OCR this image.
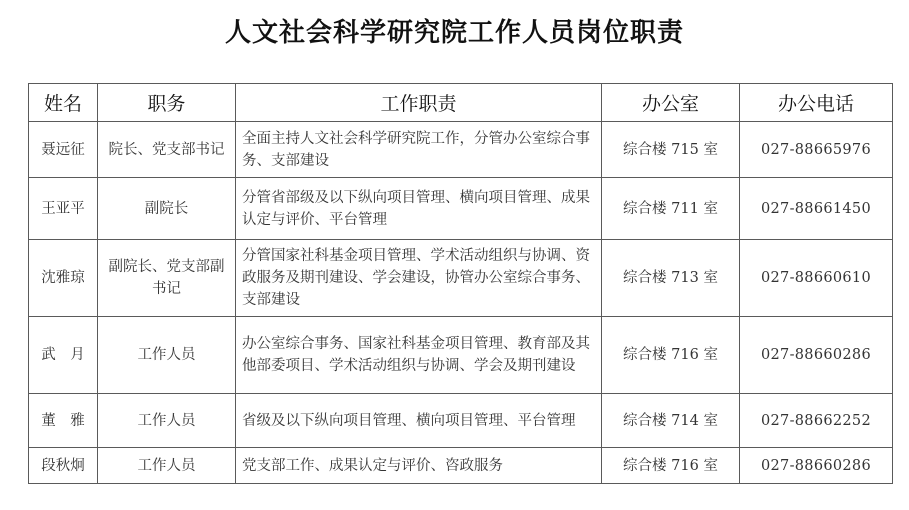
人文社会科学研究院工作人员岗位职责
姓名	职务	工作职责	办公室	办公电话
聂远征	院长、党支部书记	全面主持人文社会科学研究院工作，分管办公室综合事务、支部建设	综合楼 715 室	027-88665976
王亚平	副院长	分管省部级及以下纵向项目管理、横向项目管理、成果认定与评价、平台管理	综合楼 711 室	027-88661450
沈雅琼	副院长、党支部副书记	分管国家社科基金项目管理、学术活动组织与协调、资政服务及期刊建设、学会建设，协管办公室综合事务、支部建设	综合楼 713 室	027-88660610
武　月	工作人员	办公室综合事务、国家社科基金项目管理、教育部及其他部委项目、学术活动组织与协调、学会及期刊建设	综合楼 716 室	027-88660286
董　雅	工作人员	省级及以下纵向项目管理、横向项目管理、平台管理	综合楼 714 室	027-88662252
段秋炯	工作人员	党支部工作、成果认定与评价、咨政服务	综合楼 716 室	027-88660286
